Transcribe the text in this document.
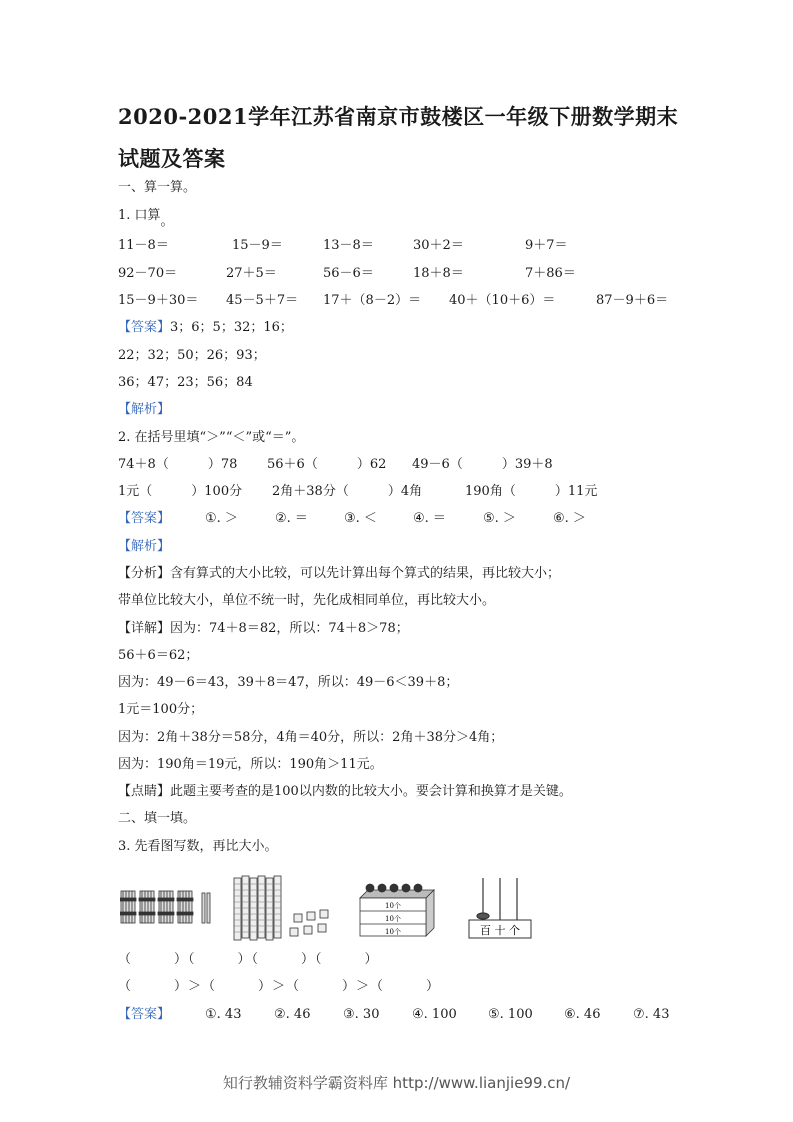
2020-2021学年江苏省南京市鼓楼区一年级下册数学期末试题及答案
一、算一算。
1. 口算。
11－8＝	15－9＝	13－8＝	30＋2＝	9＋7＝
92－70＝	27＋5＝	56－6＝	18＋8＝	7＋86＝
15－9＋30＝ 45－5＋7＝ 17＋（8－2）＝ 40＋（10＋6）＝	87－9＋6＝
【答案】3；6；5；32；16；
22；32；50；26；93；
36；47；23；56；84
【解析】
2. 在括号里填“＞”“＜”或“＝”。
74＋8（　　　）78 56＋6（　　　）62 49－6（　　　）39＋8
1元（　　　）100分 2角＋38分（　　　）4角	190角（　　　）11元
【答案】	①. ＞	②. ＝	③. ＜	④. ＝	⑤. ＞	⑥. ＞
【解析】
【分析】含有算式的大小比较，可以先计算出每个算式的结果，再比较大小；
带单位比较大小，单位不统一时，先化成相同单位，再比较大小。
【详解】因为：74＋8＝82，所以：74＋8＞78；
56＋6＝62；
因为：49－6＝43，39＋8＝47，所以：49－6＜39＋8；
1元＝100分；
因为：2角＋38分＝58分，4角＝40分，所以：2角＋38分＞4角；
因为：190角＝19元，所以：190角＞11元。
【点睛】此题主要考查的是100以内数的比较大小。要会计算和换算才是关键。
二、填一填。
3. 先看图写数，再比大小。
10个
10个
10个	百 十 个
（　　　）（　　　）（　　　）（　　　）
（　　　）＞（　　　）＞（　　　）＞（　　　）
【答案】	①. 43	②. 46	③. 30	④. 100 ⑤. 100 ⑥. 46	⑦. 43
知行教辅资料学霸资料库 http://www.lianjie99.cn/
